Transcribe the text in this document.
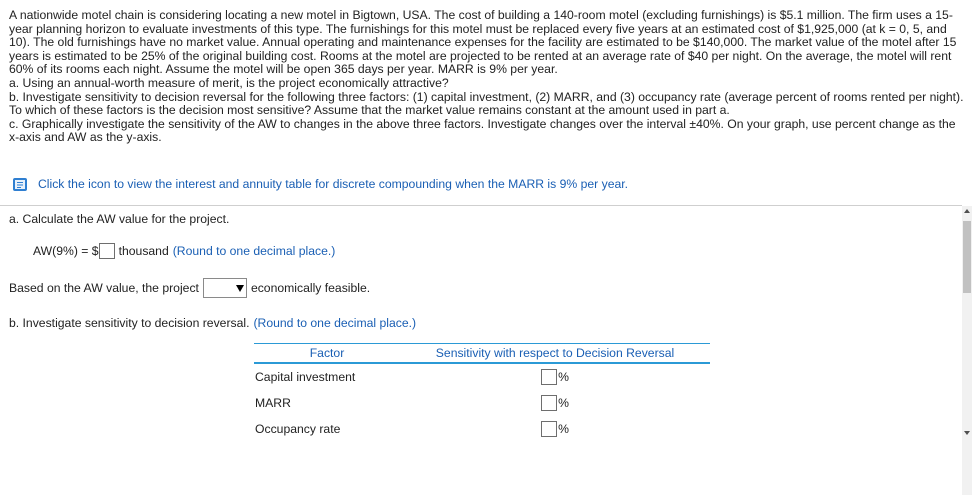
A nationwide motel chain is considering locating a new motel in Bigtown, USA. The cost of building a 140-room motel (excluding furnishings) is $5.1 million. The firm uses a 15-year planning horizon to evaluate investments of this type. The furnishings for this motel must be replaced every five years at an estimated cost of $1,925,000 (at k = 0, 5, and 10). The old furnishings have no market value. Annual operating and maintenance expenses for the facility are estimated to be $140,000. The market value of the motel after 15 years is estimated to be 25% of the original building cost. Rooms at the motel are projected to be rented at an average rate of $40 per night. On the average, the motel will rent 60% of its rooms each night. Assume the motel will be open 365 days per year. MARR is 9% per year.

a. Using an annual-worth measure of merit, is the project economically attractive?

b. Investigate sensitivity to decision reversal for the following three factors: (1) capital investment, (2) MARR, and (3) occupancy rate (average percent of rooms rented per night). To which of these factors is the decision most sensitive? Assume that the market value remains constant at the amount used in part a.

c. Graphically investigate the sensitivity of the AW to changes in the above three factors. Investigate changes over the interval ±40%. On your graph, use percent change as the x-axis and AW as the y-axis.

Click the icon to view the interest and annuity table for discrete compounding when the MARR is 9% per year.
a. Calculate the AW value for the project.
AW(9%) = $ thousand (Round to one decimal place.)
Based on the AW value, the project	economically feasible.
b. Investigate sensitivity to decision reversal. (Round to one decimal place.)
Factor	Sensitivity with respect to Decision Reversal
Capital investment	%

MARR	%

Occupancy rate	%
